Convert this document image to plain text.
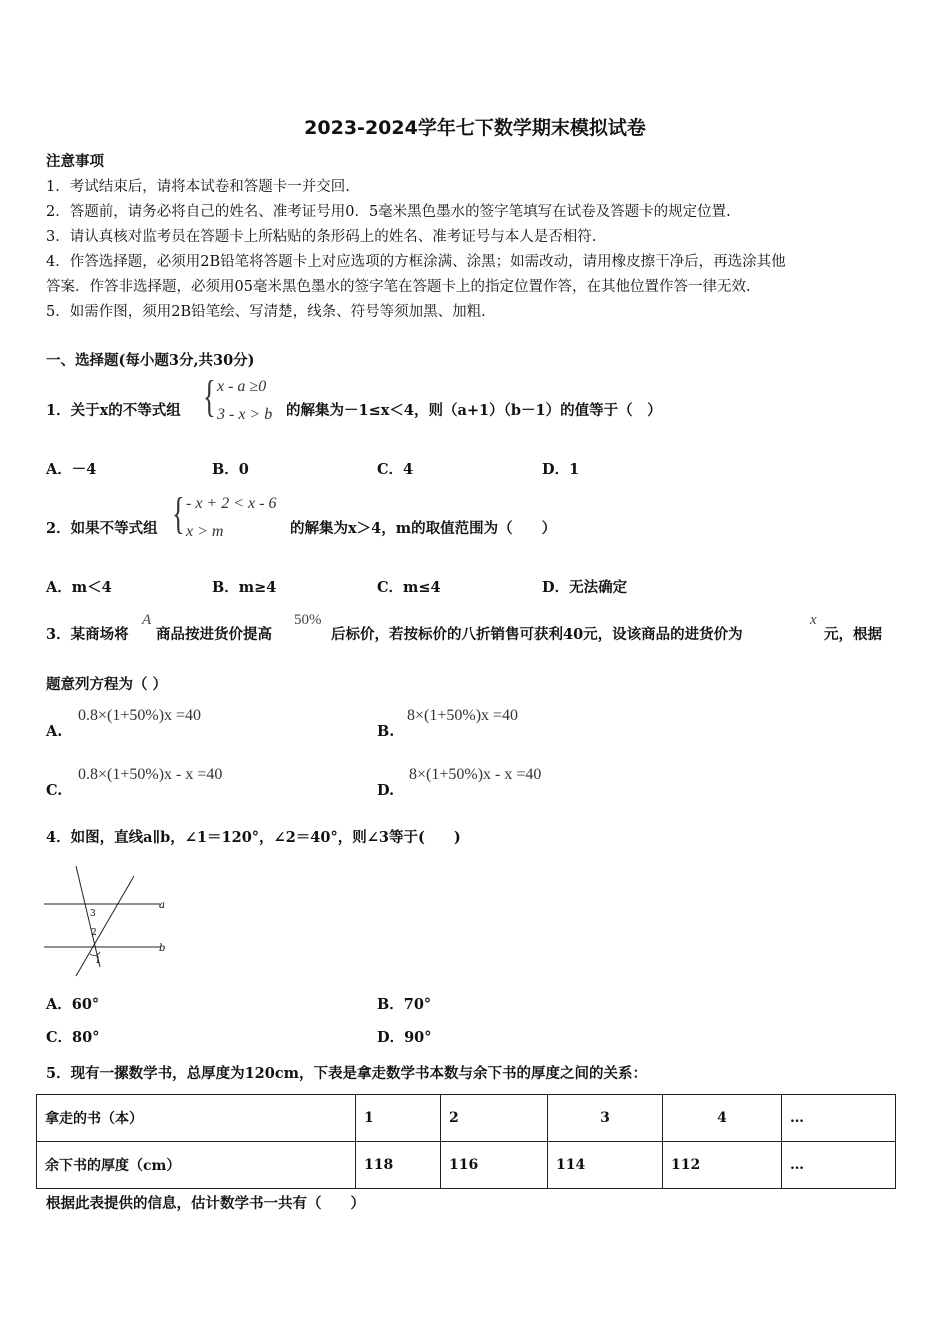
2023-2024学年七下数学期末模拟试卷
注意事项
1．考试结束后，请将本试卷和答题卡一并交回.
2．答题前，请务必将自己的姓名、准考证号用0．5毫米黑色墨水的签字笔填写在试卷及答题卡的规定位置.
3．请认真核对监考员在答题卡上所粘贴的条形码上的姓名、准考证号与本人是否相符.
4．作答选择题，必须用2B铅笔将答题卡上对应选项的方框涂满、涂黑；如需改动，请用橡皮擦干净后，再选涂其他
答案．作答非选择题，必须用05毫米黑色墨水的签字笔在答题卡上的指定位置作答，在其他位置作答一律无效.
5．如需作图，须用2B铅笔绘、写清楚，线条、符号等须加黑、加粗.
一、选择题(每小题3分,共30分)
1．关于x的不等式组 { x - a ≥0
3 - x > b 的解集为－1≤x＜4，则（a+1）（b－1）的值等于（　）
A．－4	B．0	C．4	D．1
2．如果不等式组 { - x + 2 < x - 6
x > m	的解集为x＞4，m的取值范围为（　　）
A．m＜4	B．m≥4	C．m≤4	D．无法确定
3．某商场将
A
商品按进货价提高
50%
后标价，若按标价的八折销售可获利40元，设该商品的进货价为
x
元，根据
题意列方程为（ ）
A.
0.8×(1+50%)x =40
B.
8×(1+50%)x =40
C.
0.8×(1+50%)x - x =40
D.
8×(1+50%)x - x =40
4．如图，直线a∥b，∠1＝120°，∠2＝40°，则∠3等于(　　)
a
b
1
2
3
A．60°	B．70°
C．80°	D．90°
5．现有一摞数学书，总厚度为120cm，下表是拿走数学书本数与余下书的厚度之间的关系：
拿走的书（本）	1	2	3	4	…
余下书的厚度（cm）	118	116	114	112	…
根据此表提供的信息，估计数学书一共有（　　）
